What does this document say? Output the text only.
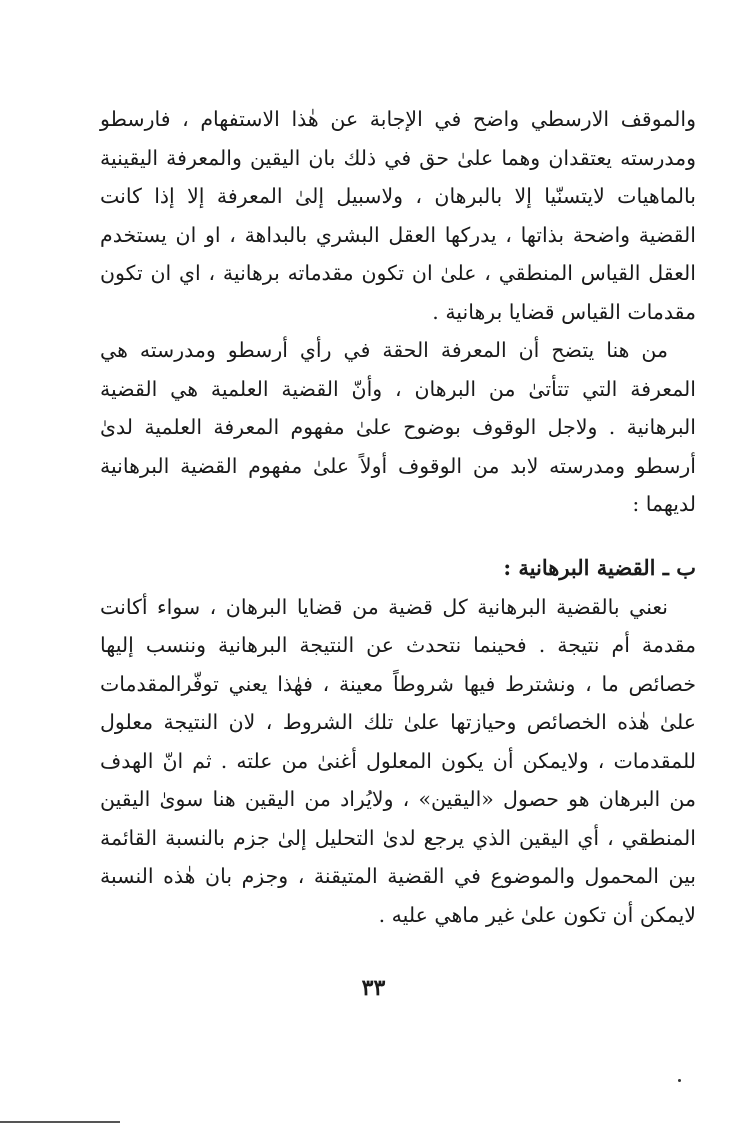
والموقف الارسطي واضح في الإجابة عن هٰذا الاستفهام ، فارسطو ومدرسته يعتقدان وهما علىٰ حق في ذلك بان اليقين والمعرفة اليقينية بالماهيات لايتسنّيا إلا بالبرهان ، ولاسبيل إلىٰ المعرفة إلا إذا كانت القضية واضحة بذاتها ، يدركها العقل البشري بالبداهة ، او ان يستخدم العقل القياس المنطقي ، علىٰ ان تكون مقدماته برهانية ، اي ان تكون مقدمات القياس قضايا برهانية .

من هنا يتضح أن المعرفة الحقة في رأي أرسطو ومدرسته هي المعرفة التي تتأتىٰ من البرهان ، وأنّ القضية العلمية هي القضية البرهانية . ولاجل الوقوف بوضوح علىٰ مفهوم المعرفة العلمية لدىٰ أرسطو ومدرسته لابد من الوقوف أولاً علىٰ مفهوم القضية البرهانية لديهما :

ب ـ القضية البرهانية :

نعني بالقضية البرهانية كل قضية من قضايا البرهان ، سواء أكانت مقدمة أم نتيجة . فحينما نتحدث عن النتيجة البرهانية وننسب إليها خصائص ما ، ونشترط فيها شروطاً معينة ، فهٰذا يعني توفّرالمقدمات علىٰ هٰذه الخصائص وحيازتها علىٰ تلك الشروط ، لان النتيجة معلول للمقدمات ، ولايمكن أن يكون المعلول أغنىٰ من علته . ثم انّ الهدف من البرهان هو حصول «اليقين» ، ولايُراد من اليقين هنا سوىٰ اليقين المنطقي ، أي اليقين الذي يرجع لدىٰ التحليل إلىٰ جزم بالنسبة القائمة بين المحمول والموضوع في القضية المتيقنة ، وجزم بان هٰذه النسبة لايمكن أن تكون علىٰ غير ماهي عليه .

٣٣
